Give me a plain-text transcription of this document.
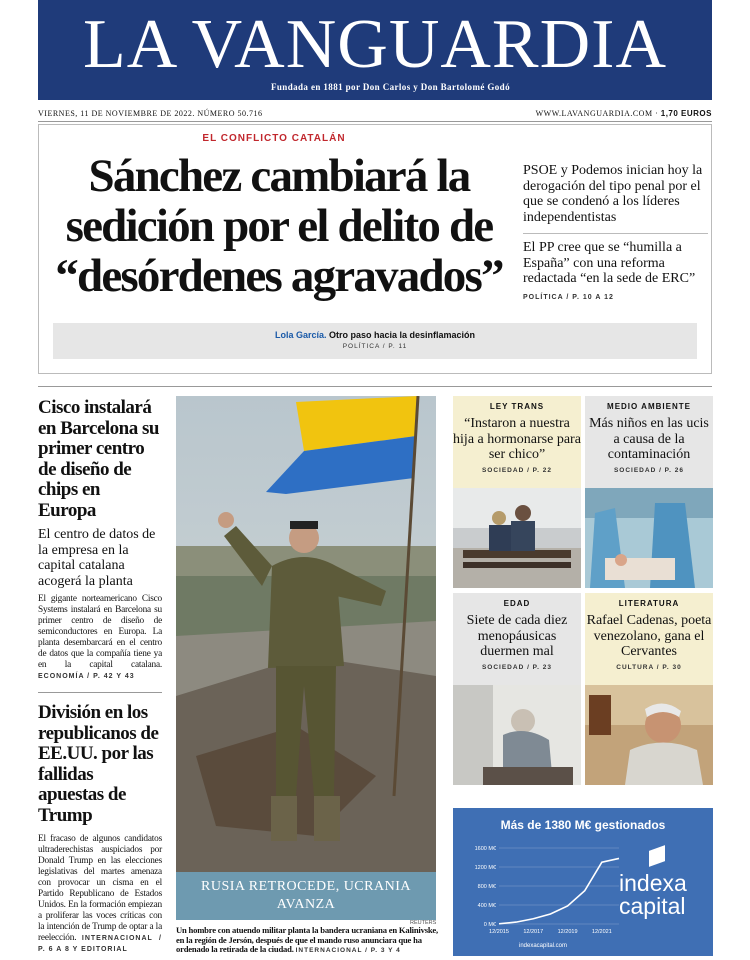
LA VANGUARDIA
Fundada en 1881 por Don Carlos y Don Bartolomé Godó
VIERNES, 11 DE NOVIEMBRE DE 2022. NÚMERO 50.716	WWW.LAVANGUARDIA.COM · 1,70 EUROS
EL CONFLICTO CATALÁN
Sánchez cambiará la sedición por el delito de “desórdenes agravados”

PSOE y Podemos inician hoy la derogación del tipo penal por el que se condenó a los líderes independentistas

El PP cree que se “humilla a España” con una reforma redactada “en la sede de ERC”

POLÍTICA / P. 10 A 12
Lola García. Otro paso hacia la desinflamación
POLÍTICA / P. 11
Cisco instalará en Barcelona su primer centro de diseño de chips en Europa
El centro de datos de la empresa en la capital catalana acogerá la planta
El gigante norteamericano Cisco Systems instalará en Barcelona su primer centro de diseño de semiconductores en Europa. La planta desembarcará en el centro de datos que la compañía tiene ya en la capital catalana. ECONOMÍA / P. 42 Y 43
División en los republicanos de EE.UU. por las fallidas apuestas de Trump
El fracaso de algunos candidatos ultraderechistas auspiciados por Donald Trump en las elecciones legislativas del martes amenaza con provocar un cisma en el Partido Republicano de Estados Unidos. En la formación empiezan a proliferar las voces críticas con la intención de Trump de optar a la reelección. INTERNACIONAL / P. 6 A 8 Y EDITORIAL
RUSIA RETROCEDE, UCRANIA AVANZA
REUTERS
Un hombre con atuendo militar planta la bandera ucraniana en Kalinivske, en la región de Jersón, después de que el mando ruso anunciara que ha ordenado la retirada de la ciudad. INTERNACIONAL / P. 3 Y 4
LEY TRANS
“Instaron a nuestra hija a hormonarse para ser chico”
SOCIEDAD / P. 22
MEDIO AMBIENTE
Más niños en las ucis a causa de la contaminación
SOCIEDAD / P. 26
EDAD
Siete de cada diez menopáusicas duermen mal
SOCIEDAD / P. 23
LITERATURA
Rafael Cadenas, poeta venezolano, gana el Cervantes
CULTURA / P. 30
Más de 1380 M€ gestionados
0 M€
400 M€
800 M€
1200 M€
1600 M€
12/2015	12/2017	12/2019	12/2021
indexacapital.com
indexa
capital
